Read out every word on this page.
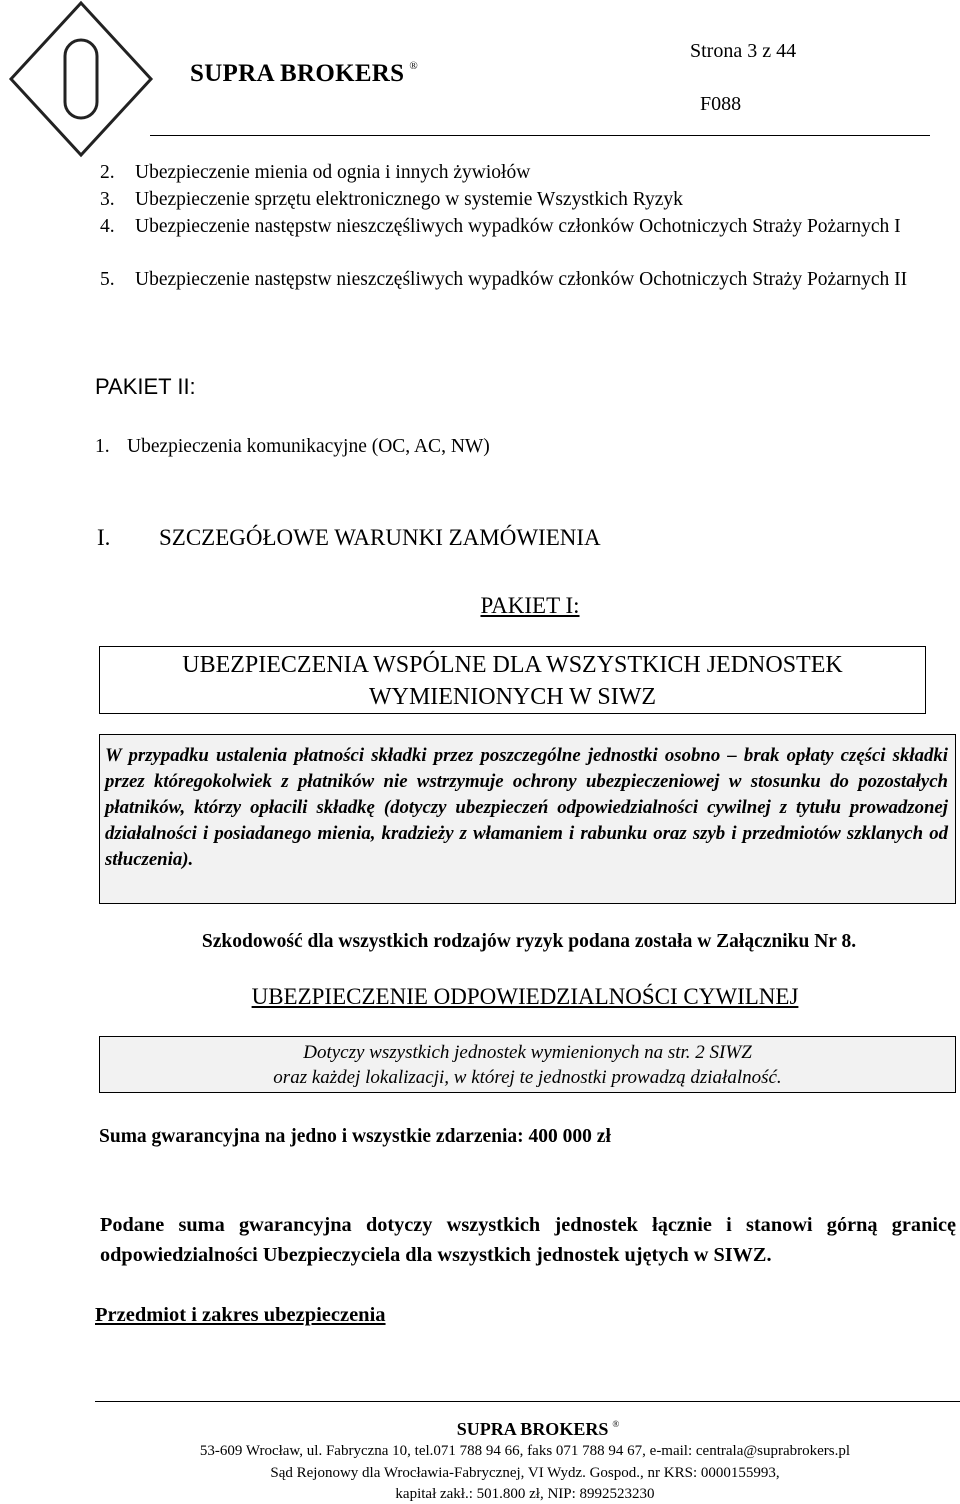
SUPRA BROKERS ®
Strona 3 z 44
F088
2. Ubezpieczenie mienia od ognia i innych żywiołów
3. Ubezpieczenie sprzętu elektronicznego w systemie Wszystkich Ryzyk
4. Ubezpieczenie następstw nieszczęśliwych wypadków członków Ochotniczych Straży Pożarnych I
5. Ubezpieczenie następstw nieszczęśliwych wypadków członków Ochotniczych Straży Pożarnych II
PAKIET II:
1. Ubezpieczenia komunikacyjne (OC, AC, NW)
I. SZCZEGÓŁOWE WARUNKI ZAMÓWIENIA
PAKIET I:
UBEZPIECZENIA WSPÓLNE DLA WSZYSTKICH JEDNOSTEK
WYMIENIONYCH W SIWZ
W przypadku ustalenia płatności składki przez poszczególne jednostki osobno – brak opłaty części składki przez któregokolwiek z płatników nie wstrzymuje ochrony ubezpieczeniowej w stosunku do pozostałych płatników, którzy opłacili składkę (dotyczy ubezpieczeń odpowiedzialności cywilnej z tytułu prowadzonej działalności i posiadanego mienia, kradzieży z włamaniem i rabunku oraz szyb i przedmiotów szklanych od stłuczenia).
Szkodowość dla wszystkich rodzajów ryzyk podana została w Załączniku Nr 8.
UBEZPIECZENIE ODPOWIEDZIALNOŚCI CYWILNEJ
Dotyczy wszystkich jednostek wymienionych na str. 2 SIWZ
oraz każdej lokalizacji, w której te jednostki prowadzą działalność.
Suma gwarancyjna na jedno i wszystkie zdarzenia: 400 000 zł
Podane suma gwarancyjna dotyczy wszystkich jednostek łącznie i stanowi górną granicę odpowiedzialności Ubezpieczyciela dla wszystkich jednostek ujętych w SIWZ.
Przedmiot i zakres ubezpieczenia
SUPRA BROKERS ®
53-609 Wrocław, ul. Fabryczna 10, tel.071 788 94 66, faks 071 788 94 67, e-mail: centrala@suprabrokers.pl
Sąd Rejonowy dla Wrocławia-Fabrycznej, VI Wydz. Gospod., nr KRS: 0000155993,
kapitał zakł.: 501.800 zł, NIP: 8992523230
